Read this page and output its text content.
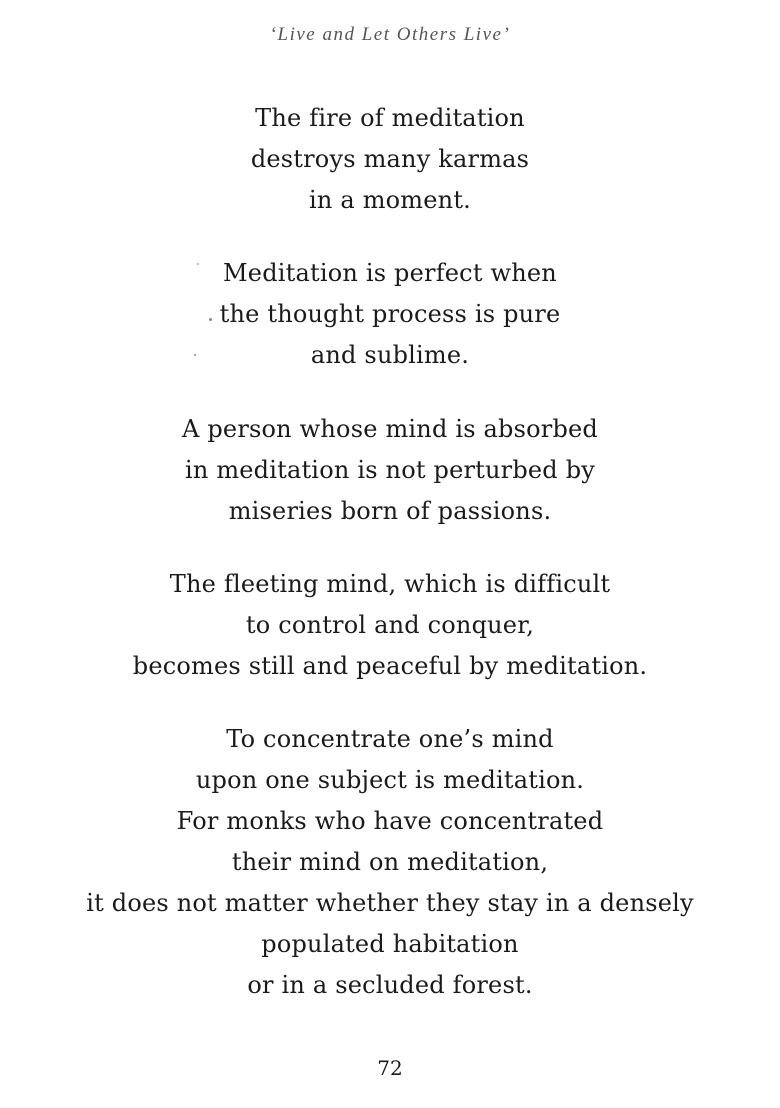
‘Live and Let Others Live’
The fire of meditation
destroys many karmas
in a moment.
Meditation is perfect when
the thought process is pure
and sublime.
A person whose mind is absorbed
in meditation is not perturbed by
miseries born of passions.
The fleeting mind, which is difficult
to control and conquer,
becomes still and peaceful by meditation.
To concentrate one’s mind
upon one subject is meditation.
For monks who have concentrated
their mind on meditation,
it does not matter whether they stay in a densely
populated habitation
or in a secluded forest.
72
